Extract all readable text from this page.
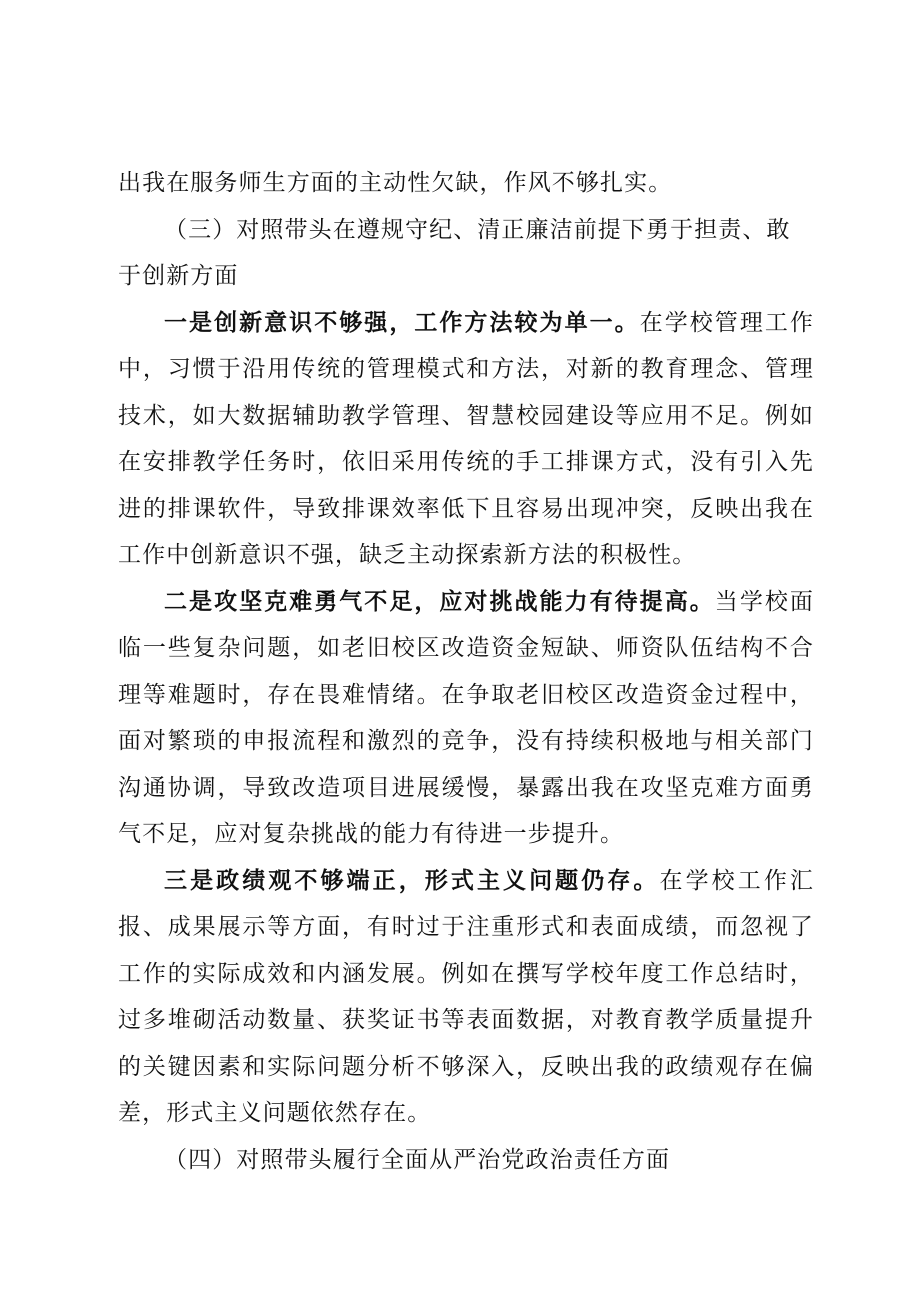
出我在服务师生方面的主动性欠缺，作风不够扎实。

（三）对照带头在遵规守纪、清正廉洁前提下勇于担责、敢于创新方面

一是创新意识不够强，工作方法较为单一。在学校管理工作中，习惯于沿用传统的管理模式和方法，对新的教育理念、管理技术，如大数据辅助教学管理、智慧校园建设等应用不足。例如在安排教学任务时，依旧采用传统的手工排课方式，没有引入先进的排课软件，导致排课效率低下且容易出现冲突，反映出我在工作中创新意识不强，缺乏主动探索新方法的积极性。

二是攻坚克难勇气不足，应对挑战能力有待提高。当学校面临一些复杂问题，如老旧校区改造资金短缺、师资队伍结构不合理等难题时，存在畏难情绪。在争取老旧校区改造资金过程中，面对繁琐的申报流程和激烈的竞争，没有持续积极地与相关部门沟通协调，导致改造项目进展缓慢，暴露出我在攻坚克难方面勇气不足，应对复杂挑战的能力有待进一步提升。

三是政绩观不够端正，形式主义问题仍存。在学校工作汇报、成果展示等方面，有时过于注重形式和表面成绩，而忽视了工作的实际成效和内涵发展。例如在撰写学校年度工作总结时，过多堆砌活动数量、获奖证书等表面数据，对教育教学质量提升的关键因素和实际问题分析不够深入，反映出我的政绩观存在偏差，形式主义问题依然存在。

（四）对照带头履行全面从严治党政治责任方面
